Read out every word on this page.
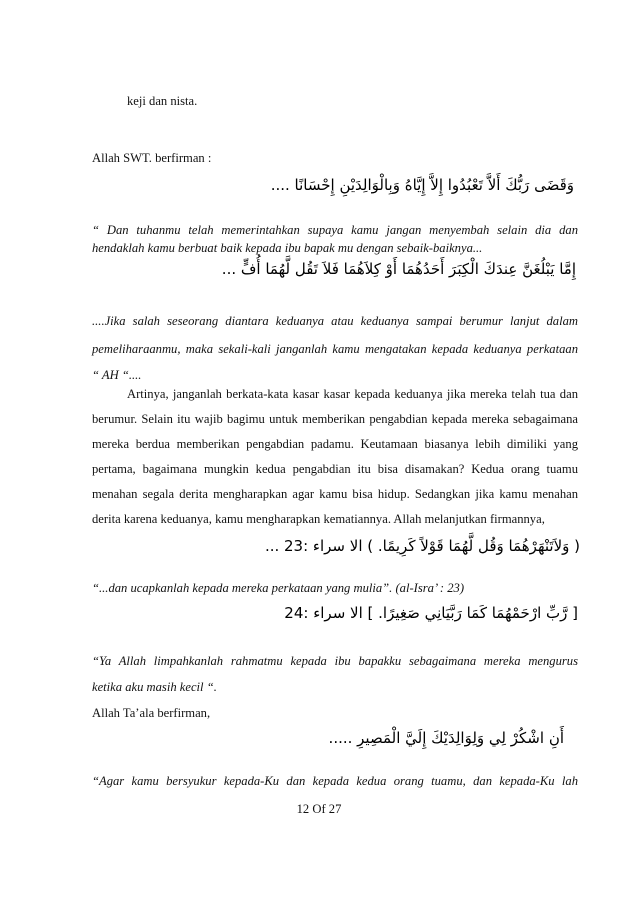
keji dan nista.
Allah SWT. berfirman :
وَقَضَى رَبُّكَ أَلاَّ تَعْبُدُوا إِلاَّ إِيَّاهُ وَبِالْوَالِدَيْنِ إِحْسَانًا ....
“ Dan tuhanmu telah memerintahkan supaya kamu jangan menyembah selain dia dan
hendaklah kamu berbuat baik kepada ibu bapak mu dengan sebaik-baiknya...
إِمَّا يَبْلُغَنَّ عِندَكَ الْكِبَرَ أَحَدُهُمَا أَوْ كِلاَهُمَا فَلاَ تَقُل لَّهُمَا أُفٍّ ...
....Jika salah seseorang diantara keduanya atau keduanya sampai berumur lanjut dalam
pemeliharaanmu, maka sekali-kali janganlah kamu mengatakan kepada keduanya perkataan
“ AH “....
Artinya, janganlah berkata-kata kasar kasar kepada keduanya jika mereka telah tua dan
berumur. Selain itu wajib bagimu untuk memberikan pengabdian kepada mereka sebagaimana
mereka berdua memberikan pengabdian padamu. Keutamaan biasanya lebih dimiliki yang
pertama, bagaimana mungkin kedua pengabdian itu bisa disamakan? Kedua orang tuamu
menahan segala derita mengharapkan agar kamu bisa hidup. Sedangkan jika kamu menahan
derita karena keduanya, kamu mengharapkan kematiannya. Allah melanjutkan firmannya,
( وَلاَتَنْهَرْهُمَا وَقُل لَّهُمَا قَوْلاً كَرِيمًا. ) الا سراء :23 ...
“...dan ucapkanlah kepada mereka perkataan yang mulia”. (al-Isra’ : 23)
[ رَّبِّ ارْحَمْهُمَا كَمَا رَبَّيَانِي صَغِيرًا. ] الا سراء :24
“Ya Allah limpahkanlah rahmatmu kepada ibu bapakku sebagaimana mereka mengurus
ketika aku masih kecil “.
Allah Ta’ala berfirman,
أَنِ اشْكُرْ لِي وَلِوَالِدَيْكَ إِلَيَّ الْمَصِيرِ .....
“Agar kamu bersyukur kepada-Ku dan kepada kedua orang tuamu, dan kepada-Ku lah
12 Of 27
